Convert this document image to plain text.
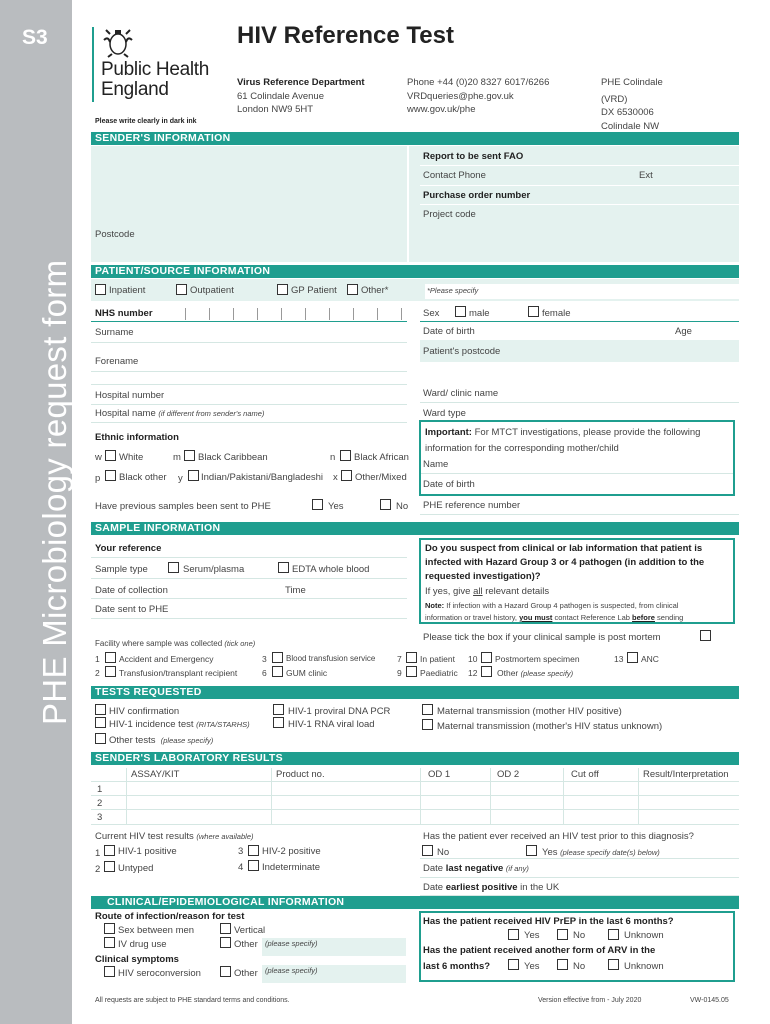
S3
PHE Microbiology request form
Public Health
England
HIV Reference Test
Virus Reference Department
61 Colindale Avenue
London NW9 5HT
Phone +44 (0)20 8327 6017/6266
VRDqueries@phe.gov.uk
www.gov.uk/phe
PHE Colindale
(VRD)
DX 6530006
Colindale NW
Please write clearly in dark ink
SENDER'S INFORMATION
Postcode
Report to be sent FAO
Contact Phone	Ext
Purchase order number
Project code
PATIENT/SOURCE INFORMATION
Inpatient	Outpatient	GP Patient	Other*	*Please specify
NHS number
Surname
Forename
Sex	male	female
Date of birth	Age
Patient's postcode
Hospital number
Hospital name (if different from sender's name)
Ward/ clinic name
Ward type
Ethnic information
w White	m Black Caribbean	n Black African
p Black other y Indian/Pakistani/Bangladeshi x Other/Mixed
Important: For MTCT investigations, please provide the following
information for the corresponding mother/child
Name
Date of birth
PHE reference number
Have previous samples been sent to PHE	Yes	No
SAMPLE INFORMATION
Your reference
Sample type	Serum/plasma	EDTA whole blood
Date of collection	Time
Date sent to PHE
Do you suspect from clinical or lab information that patient is
infected with Hazard Group 3 or 4 pathogen (in addition to the
requested investigation)?
If yes, give all relevant details
Note: If infection with a Hazard Group 4 pathogen is suspected, from clinical
information or travel history, you must contact Reference Lab before sending
Please tick the box if your clinical sample is post mortem
Facility where sample was collected (tick one)
1 Accident and Emergency
2 Transfusion/transplant recipient
3 Blood transfusion service
6 GUM clinic
7 In patient
9 Paediatric
10 Postmortem specimen
12 Other (please specify)
13 ANC
TESTS REQUESTED
HIV confirmation
HIV-1 incidence test (RITA/STARHS)
Other tests (please specify)
HIV-1 proviral DNA PCR
HIV-1 RNA viral load
Maternal transmission (mother HIV positive)
Maternal transmission (mother's HIV status unknown)
SENDER'S LABORATORY RESULTS
ASSAY/KIT	Product no.	OD 1	OD 2	Cut off	Result/Interpretation
1
2
3
Current HIV test results (where available)
1 HIV-1 positive
2 Untyped
3 HIV-2 positive
4 Indeterminate
Has the patient ever received an HIV test prior to this diagnosis?
No	Yes (please specify date(s) below)
Date last negative (if any)
Date earliest positive in the UK
CLINICAL/EPIDEMIOLOGICAL INFORMATION
Route of infection/reason for test
Sex between men	Vertical
IV drug use	Other (please specify)
Clinical symptoms
HIV seroconversion	Other (please specify)
Has the patient received HIV PrEP in the last 6 months?
Yes	No	Unknown
Has the patient received another form of ARV in the
last 6 months?	Yes	No	Unknown
All requests are subject to PHE standard terms and conditions.	Version effective from - July 2020	VW-0145.05
